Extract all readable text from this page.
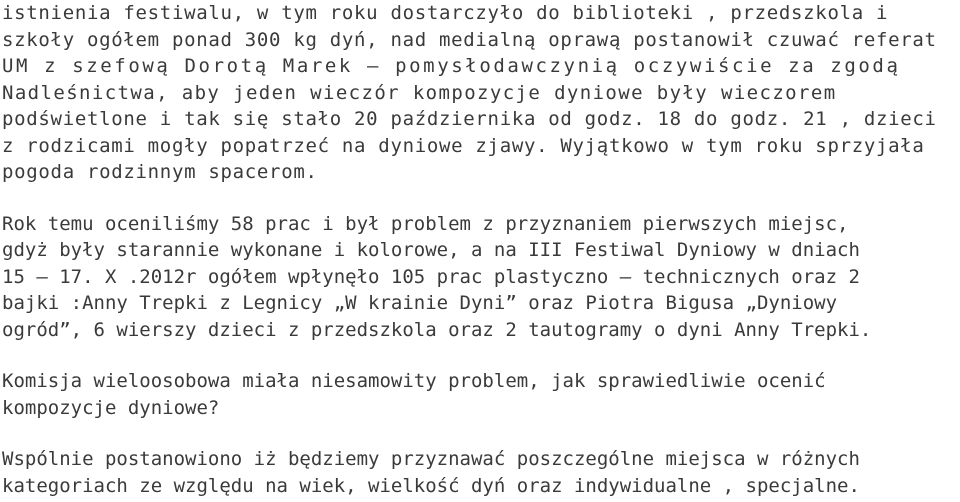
istnienia festiwalu, w tym roku dostarczyło do biblioteki , przedszkola i
szkoły ogółem ponad 300 kg dyń, nad medialną oprawą postanowił czuwać referat
UM z szefową Dorotą Marek – pomysłodawczynią oczywiście za zgodą
Nadleśnictwa, aby jeden wieczór kompozycje dyniowe były wieczorem
podświetlone i tak się stało 20 października od godz. 18 do godz. 21 , dzieci
z rodzicami mogły popatrzeć na dyniowe zjawy. Wyjątkowo w tym roku sprzyjała
pogoda rodzinnym spacerom.
Rok temu oceniliśmy 58 prac i był problem z przyznaniem pierwszych miejsc,
gdyż były starannie wykonane i kolorowe, a na III Festiwal Dyniowy w dniach
15 – 17. X .2012r ogółem wpłynęło 105 prac plastyczno – technicznych oraz 2
bajki :Anny Trepki z Legnicy „W krainie Dyni” oraz Piotra Bigusa „Dyniowy
ogród”, 6 wierszy dzieci z przedszkola oraz 2 tautogramy o dyni Anny Trepki.
Komisja wieloosobowa miała niesamowity problem, jak sprawiedliwie ocenić
kompozycje dyniowe?
Wspólnie postanowiono iż będziemy przyznawać poszczególne miejsca w różnych
kategoriach ze względu na wiek, wielkość dyń oraz indywidualne , specjalne.
